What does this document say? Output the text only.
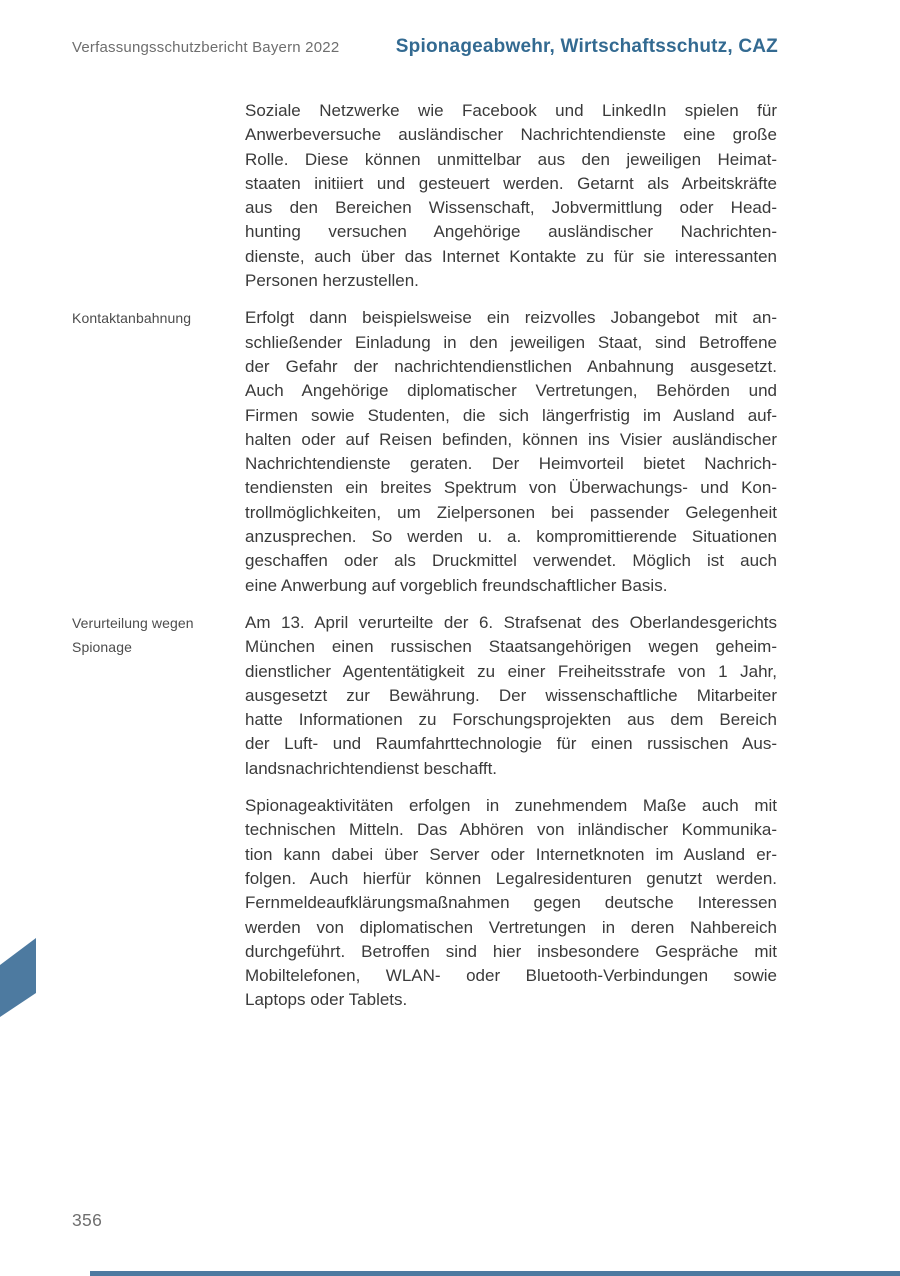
Verfassungsschutzbericht Bayern 2022	Spionageabwehr, Wirtschaftsschutz, CAZ
Soziale Netzwerke wie Facebook und LinkedIn spielen für
Anwerbeversuche ausländischer Nachrichtendienste eine große
Rolle. Diese können unmittelbar aus den jeweiligen Heimat-
staaten initiiert und gesteuert werden. Getarnt als Arbeitskräfte
aus den Bereichen Wissenschaft, Jobvermittlung oder Head-
hunting versuchen Angehörige ausländischer Nachrichten-
dienste, auch über das Internet Kontakte zu für sie interessanten
Personen herzustellen.
Kontaktanbahnung	Erfolgt dann beispielsweise ein reizvolles Jobangebot mit an-
schließender Einladung in den jeweiligen Staat, sind Betroffene
der Gefahr der nachrichtendienstlichen Anbahnung ausgesetzt.
Auch Angehörige diplomatischer Vertretungen, Behörden und
Firmen sowie Studenten, die sich längerfristig im Ausland auf-
halten oder auf Reisen befinden, können ins Visier ausländischer
Nachrichtendienste geraten. Der Heimvorteil bietet Nachrich-
tendiensten ein breites Spektrum von Überwachungs- und Kon-
trollmöglichkeiten, um Zielpersonen bei passender Gelegenheit
anzusprechen. So werden u. a. kompromittierende Situationen
geschaffen oder als Druckmittel verwendet. Möglich ist auch
eine Anwerbung auf vorgeblich freundschaftlicher Basis.
Verurteilung wegen Spionage
Am 13. April verurteilte der 6. Strafsenat des Oberlandesgerichts
München einen russischen Staatsangehörigen wegen geheim-
dienstlicher Agententätigkeit zu einer Freiheitsstrafe von 1 Jahr,
ausgesetzt zur Bewährung. Der wissenschaftliche Mitarbeiter
hatte Informationen zu Forschungsprojekten aus dem Bereich
der Luft- und Raumfahrttechnologie für einen russischen Aus-
landsnachrichtendienst beschafft.
Spionageaktivitäten erfolgen in zunehmendem Maße auch mit
technischen Mitteln. Das Abhören von inländischer Kommunika-
tion kann dabei über Server oder Internetknoten im Ausland er-
folgen. Auch hierfür können Legalresidenturen genutzt werden.
Fernmeldeaufklärungsmaßnahmen gegen deutsche Interessen
werden von diplomatischen Vertretungen in deren Nahbereich
durchgeführt. Betroffen sind hier insbesondere Gespräche mit
Mobiltelefonen, WLAN- oder Bluetooth-Verbindungen sowie
Laptops oder Tablets.
356
